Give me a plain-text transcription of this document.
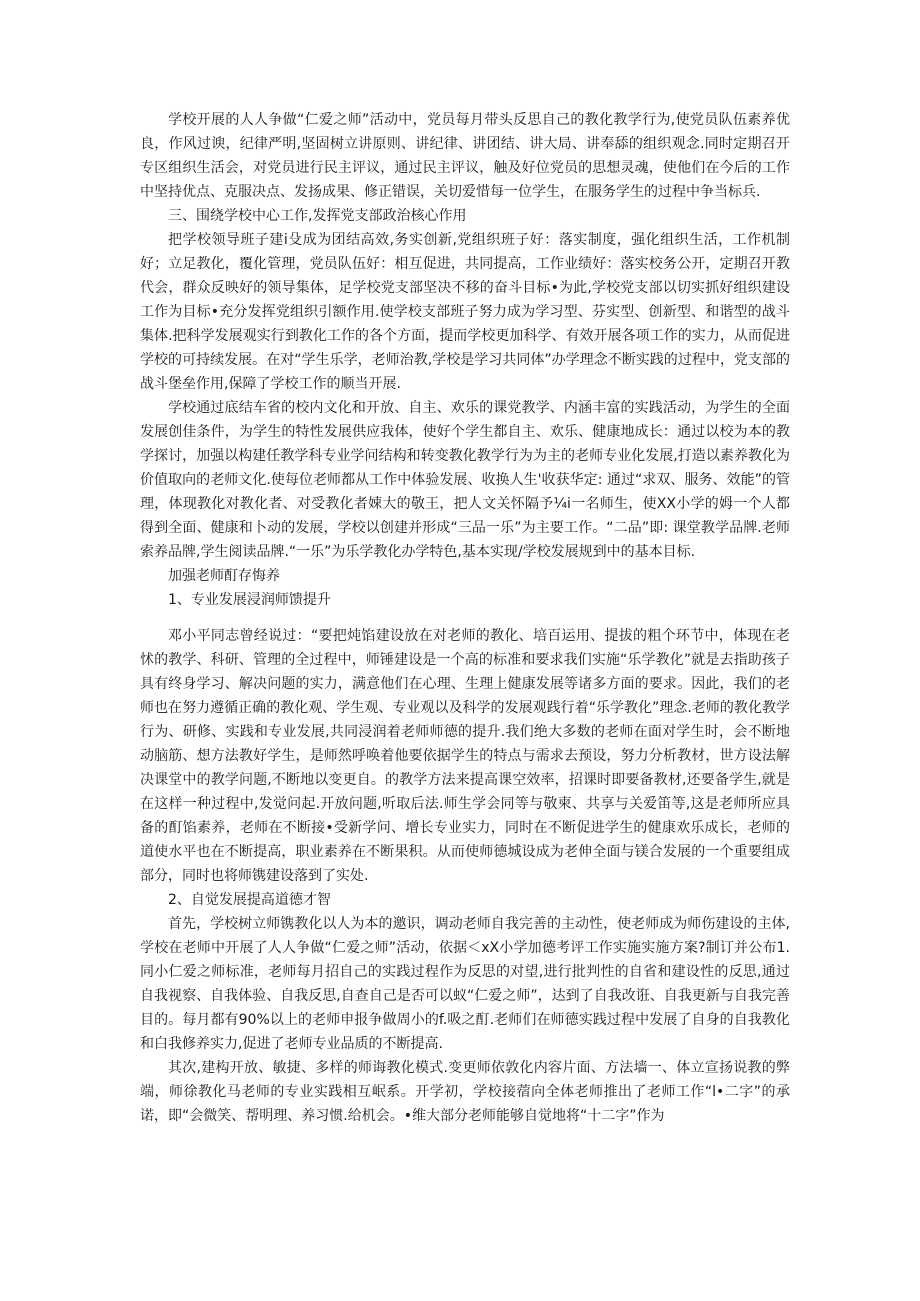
学校开展的人人争做“仁爱之师”活动中，党员每月带头反思自己的教化教学行为,使党员队伍素养优良，作风过谀，纪律严明,坚固树立讲原则、讲纪律、讲团结、讲大局、讲奉舔的组织观念.同时定期召开专区组织生活会，对党员进行民主评议，通过民主评议，触及好位党员的思想灵魂，使他们在今后的工作中坚持优点、克服决点、发扬成果、修正错误，关切爱惜每一位学生，在服务学生的过程中争当标兵.

三、围绕学校中心工作,发挥党支部政治核心作用

把学校领导班子建i殳成为团结高效,务实创新,党组织班子好：落实制度，强化组织生活，工作机制好；立足教化，覆化管理，党员队伍好：相互促进，共同提高，工作业绩好：落实校务公开，定期召开教代会，群众反映好的领导集体，足学校党支部坚决不移的奋斗目标•为此,学校党支部以切实抓好组织建设工作为目标•充分发挥党组织引额作用.使学校支部班子努力成为学习型、芬实型、创新型、和谐型的战斗集体.把科学发展观实行到教化工作的各个方面，提而学校更加科学、有效开展各项工作的实力，从而促进学校的可持续发展。在对“学生乐学，老师治教,学校是学习共同体”办学理念不断实践的过程中，党支部的战斗堡垒作用,保障了学校工作的顺当开展.

学校通过底结车省的校内文化和开放、自主、欢乐的课党教学、内涵丰富的实践活动，为学生的全面发展创佳条件，为学生的特性发展供应我体，使好个学生都自主、欢乐、健康地成长：通过以校为本的教学探讨，加强以构建任教学科专业学问结构和转变教化教学行为为主的老师专业化发展,打造以素养教化为价值取向的老师文化.使每位老师都从工作中体验发展、收换人生'收获华定: 通过“求双、服务、效能”的管理，体现教化对教化者、对受教化者娕大的敬王，把人文关怀隔予¼i一名师生，使XX小学的姆一个人都得到全面、健康和卜动的发展，学校以创建并形成“三品一乐”为主要工作。“二品”即: 课堂教学品牌.老师索养品牌,学生阅读品牌.“一乐”为乐学教化办学特色,基本实现/学校发展规到中的基本目标.

加强老师酊存悔养

1、专业发展浸润师馈提升

邓小平同志曾经说过：“要把炖馅建设放在对老师的教化、培百运用、提拔的粗个环节中，体现在老怵的教学、科研、管理的全过程中，师锤建设是一个高的标准和要求我们实施“乐学教化”就是去指助孩子具有终身学习、解决问题的实力，满意他们在心理、生理上健康发展等诸多方面的要求。因此，我们的老师也在努力遵循正确的教化观、学生观、专业观以及科学的发展观践行着“乐学教化”理念.老师的教化教学行为、研修、实践和专业发展,共同浸润着老师师德的提升.我们绝大多数的老师在面对学生时，会不断地动脑筋、想方法教好学生，是师然呼唤着他要依据学生的特点与需求去预设，努力分析教材，世方设法解决课堂中的教学问题,不断地以变更自。的教学方法来提高课空效率，招课时即要备教材,还要备学生,就是在这样一种过程中,发觉问起.开放问题,听取后法.师生学会同等与敬柬、共享与关爱笛等,这是老师所应具备的酊馅素养，老师在不断接•受新学问、增长专业实力，同时在不断促进学生的健康欢乐成长，老师的道使水平也在不断提高，职业素养在不断果积。从而使师德城设成为老伸全面与镁合发展的一个重要组成部分，同时也将师镌建设落到了实处.

2、自觉发展提高道德才智

首先，学校树立师镌教化以人为本的邀识，调动老师自我完善的主动性，使老师成为师伤建设的主体,学校在老师中开展了人人争做“仁爱之师”活动，依据＜xX小学加德考评工作实施实施方案?制订并公布1.同小仁爱之师标准，老师每月招自己的实践过程作为反思的对望,进行批判性的自省和建设性的反思,通过自我视察、自我体验、自我反思,自查自己是否可以蚁“仁爱之师”，达到了自我改诳、自我更新与自我完善目的。每月都有90%以上的老师申报争做周小的f.吸之酊.老师们在师德实践过程中发展了自身的自我教化和白我修养实力,促进了老师专业品质的不断提高.

其次,建构开放、敏捷、多样的师诲教化模式.变更师依敦化内容片面、方法墙一、体立宣扬说教的弊端，师徐教化马老师的专业实践相互岷系。开学初，学校接蓿向全体老师推出了老师工作“l•二字”的承诺，即“会微笑、帮明理、养习惯.给机会。•维大部分老师能够自觉地将“十二字”作为
